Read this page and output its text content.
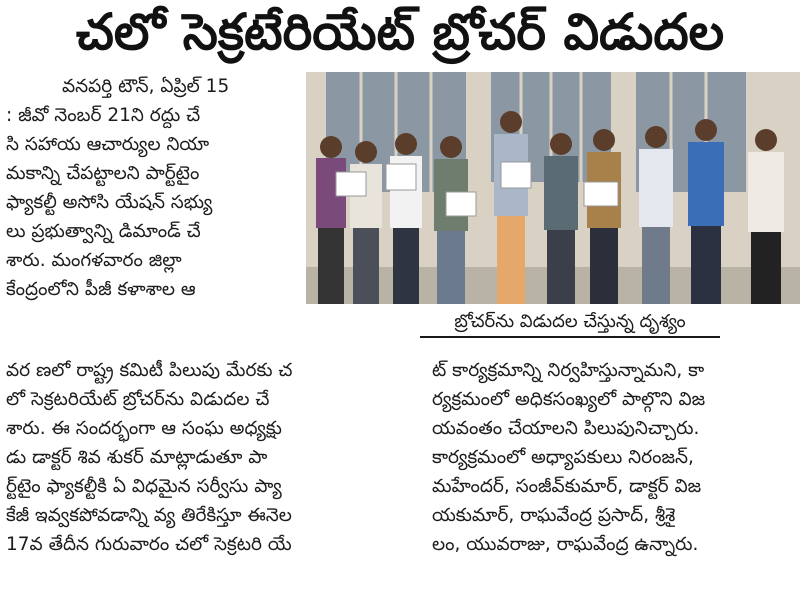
చలో సెక్రటేరియేట్ బ్రోచర్ విడుదల
వనపర్తి టౌన్, ఏప్రిల్ 15
: జీవో నెంబర్ 21ని రద్దు చే
సి సహాయ ఆచార్యుల నియా
మకాన్ని చేపట్టాలని పార్ట్‌టైం
ఫ్యాకల్టీ అసోసి యేషన్ సభ్యు
లు ప్రభుత్వాన్ని డిమాండ్ చే
శారు. మంగళవారం జిల్లా
కేంద్రంలోని పీజీ కళాశాల ఆ
బ్రోచర్‌ను విడుదల చేస్తున్న దృశ్యం
వర ణలో రాష్ట్ర కమిటీ పిలుపు మేరకు చ
లో సెక్రటరియేట్ బ్రోచర్‌ను విడుదల చే
శారు. ఈ సందర్భంగా ఆ సంఘ అధ్యక్షు
డు డాక్టర్ శివ శుకర్ మాట్లాడుతూ పా
ర్ట్‌టైం ఫ్యాకల్టీకి ఏ విధమైన సర్వీసు ప్యా
కేజీ ఇవ్వకపోవడాన్ని వ్య తిరేకిస్తూ ఈనెల
17వ తేదీన గురువారం చలో సెక్రటరి యే
ట్ కార్యక్రమాన్ని నిర్వహిస్తున్నామని, కా
ర్యక్రమంలో అధికసంఖ్యలో పాల్గొని విజ
యవంతం చేయాలని పిలుపునిచ్చారు.
కార్యక్రమంలో అధ్యాపకులు నిరంజన్,
మహేందర్, సంజీవ్‌కుమార్, డాక్టర్ విజ
యకుమార్, రాఘవేంద్ర ప్రసాద్, శ్రీశై
లం, యువరాజు, రాఘవేంద్ర ఉన్నారు.
